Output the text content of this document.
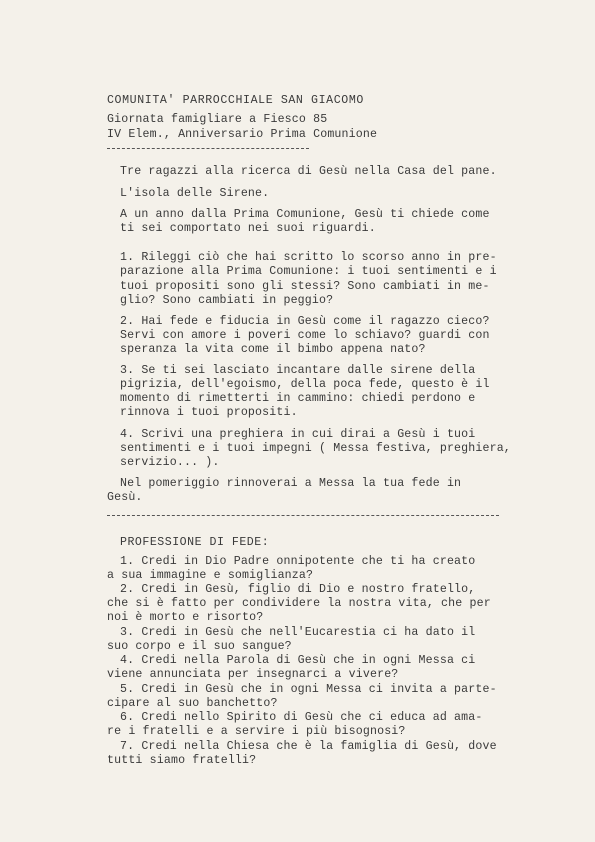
COMUNITA' PARROCCHIALE SAN GIACOMO
Giornata famigliare a Fiesco 85
IV Elem., Anniversario Prima Comunione
Tre ragazzi alla ricerca di Gesù nella Casa del pane.
L'isola delle Sirene.
A un anno dalla Prima Comunione, Gesù ti chiede come
ti sei comportato nei suoi riguardi.
1. Rileggi ciò che hai scritto lo scorso anno in pre-
parazione alla Prima Comunione: i tuoi sentimenti e i
tuoi propositi sono gli stessi? Sono cambiati in me-
glio? Sono cambiati in peggio?
2. Hai fede e fiducia in Gesù come il ragazzo cieco?
Servi con amore i poveri come lo schiavo? guardi con
speranza la vita come il bimbo appena nato?
3. Se ti sei lasciato incantare dalle sirene della
pigrizia, dell'egoismo, della poca fede, questo è il
momento di rimetterti in cammino: chiedi perdono e
rinnova i tuoi propositi.
4. Scrivi una preghiera in cui dirai a Gesù i tuoi
sentimenti e i tuoi impegni ( Messa festiva, preghiera,
servizio... ).
Nel pomeriggio rinnoverai a Messa la tua fede in
Gesù.
PROFESSIONE DI FEDE:
1. Credi in Dio Padre onnipotente che ti ha creato
a sua immagine e somiglianza?
2. Credi in Gesù, figlio di Dio e nostro fratello,
che si è fatto per condividere la nostra vita, che per
noi è morto e risorto?
3. Credi in Gesù che nell'Eucarestia ci ha dato il
suo corpo e il suo sangue?
4. Credi nella Parola di Gesù che in ogni Messa ci
viene annunciata per insegnarci a vivere?
5. Credi in Gesù che in ogni Messa ci invita a parte-
cipare al suo banchetto?
6. Credi nello Spirito di Gesù che ci educa ad ama-
re i fratelli e a servire i più bisognosi?
7. Credi nella Chiesa che è la famiglia di Gesù, dove
tutti siamo fratelli?
